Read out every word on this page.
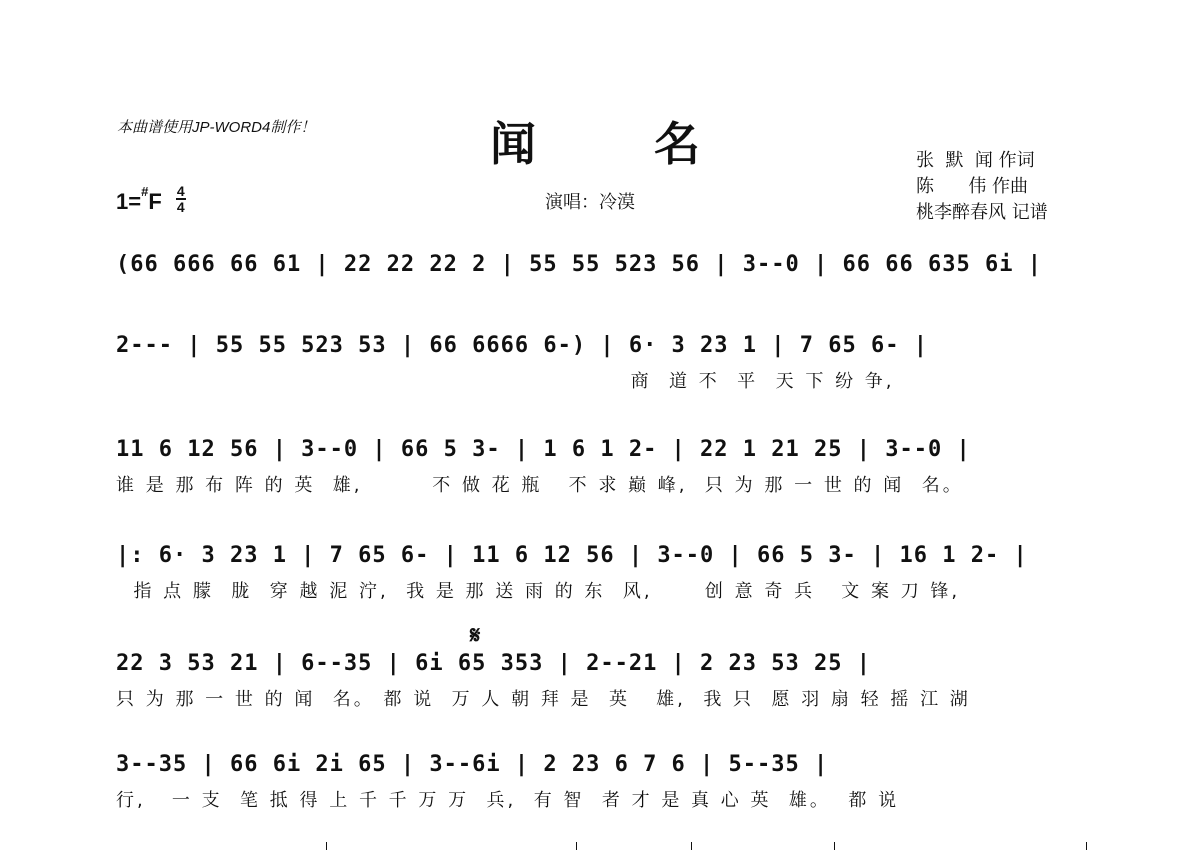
本曲谱使用JP-WORD4制作！	闻名
演唱：冷漠
张  默  闻 作词
陈      伟 作曲
桃李醉春风 记谱
$1=^{\#}F \frac{4}{4}$
𝄋
(66 666 66 61 | 22 22 22 2 | 55 55 523 56 | 3--0 | 66 66 635 6i |
2--- | 55 55 523 53 | 66 6666 6-) | 6· 3 23 1 | 7 65 6- |
商  道 不  平  天 下 纷 争,
11 6 12 56 | 3--0 | 66 5 3- | 1 6 1 2- | 22 1 21 25 | 3--0 |
谁 是 那 布 阵 的 英  雄,        不 做 花 瓶   不 求 巅 峰,  只 为 那 一 世 的 闻  名。
|: 6· 3 23 1 | 7 65 6- | 11 6 12 56 | 3--0 | 66 5 3- | 16 1 2- |
指 点 朦  胧  穿 越 泥 泞,  我 是 那 送 雨 的 东  风,      创 意 奇 兵   文 案 刀 锋,
22 3 53 21 | 6--35 | 6i 65 353 | 2--21 | 2 23 53 25 |
只 为 那 一 世 的 闻  名。 都 说  万 人 朝 拜 是  英   雄,  我 只  愿 羽 扇 轻 摇 江 湖
3--35 | 66 6i 2i 65 | 3--6i | 2 23 6 7 6 | 5--35 |
行,   一 支  笔 抵 得 上 千 千 万 万  兵,  有 智  者 才 是 真 心 英  雄。  都 说
